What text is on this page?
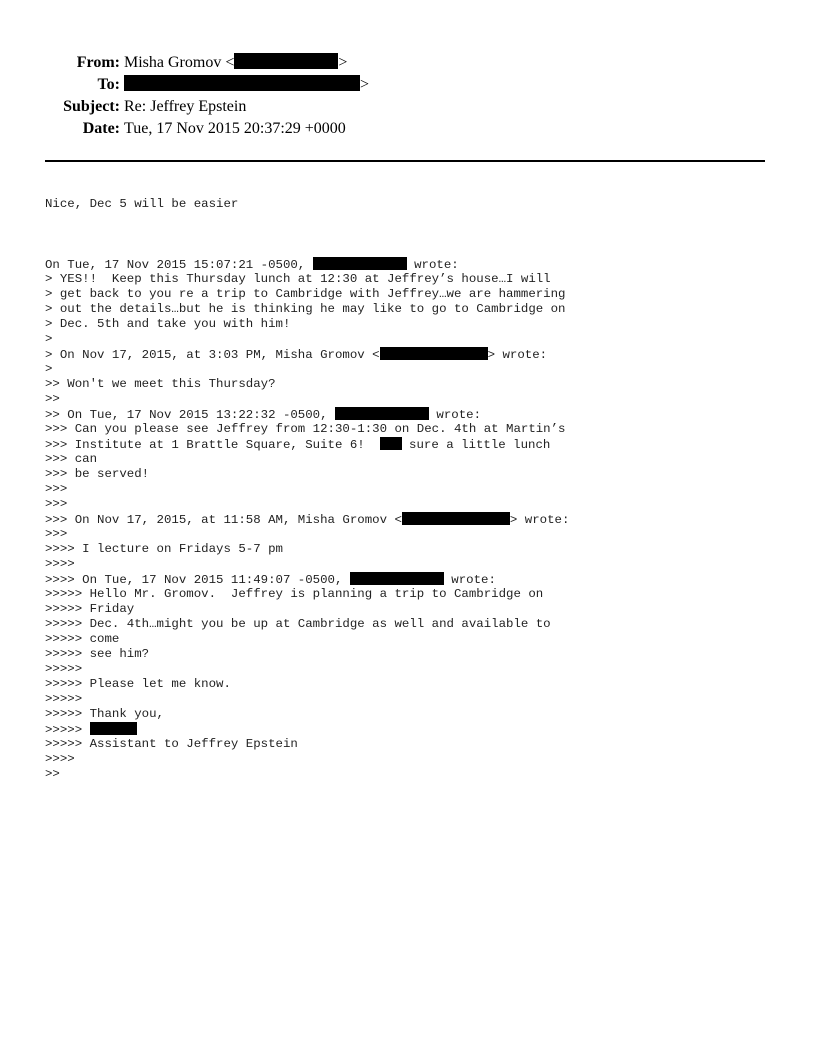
From: Misha Gromov <	>
To:	>
Subject: Re: Jeffrey Epstein
Date: Tue, 17 Nov 2015 20:37:29 +0000
Nice, Dec 5 will be easier
On Tue, 17 Nov 2015 15:07:21 -0500,	wrote:
> YES!!  Keep this Thursday lunch at 12:30 at Jeffrey’s house…I will
> get back to you re a trip to Cambridge with Jeffrey…we are hammering
> out the details…but he is thinking he may like to go to Cambridge on
> Dec. 5th and take you with him!
>
> On Nov 17, 2015, at 3:03 PM, Misha Gromov <	> wrote:
>
>> Won't we meet this Thursday?
>>
>> On Tue, 17 Nov 2015 13:22:32 -0500,	wrote:
>>> Can you please see Jeffrey from 12:30-1:30 on Dec. 4th at Martin’s
>>> Institute at 1 Brattle Square, Suite 6!   sure a little lunch
>>> can
>>> be served!
>>>
>>>
>>> On Nov 17, 2015, at 11:58 AM, Misha Gromov <	> wrote:
>>>
>>>> I lecture on Fridays 5-7 pm
>>>>
>>>> On Tue, 17 Nov 2015 11:49:07 -0500,	wrote:
>>>>> Hello Mr. Gromov.  Jeffrey is planning a trip to Cambridge on
>>>>> Friday
>>>>> Dec. 4th…might you be up at Cambridge as well and available to
>>>>> come
>>>>> see him?
>>>>>
>>>>> Please let me know.
>>>>>
>>>>> Thank you,
>>>>>
>>>>> Assistant to Jeffrey Epstein
>>>>
>>
